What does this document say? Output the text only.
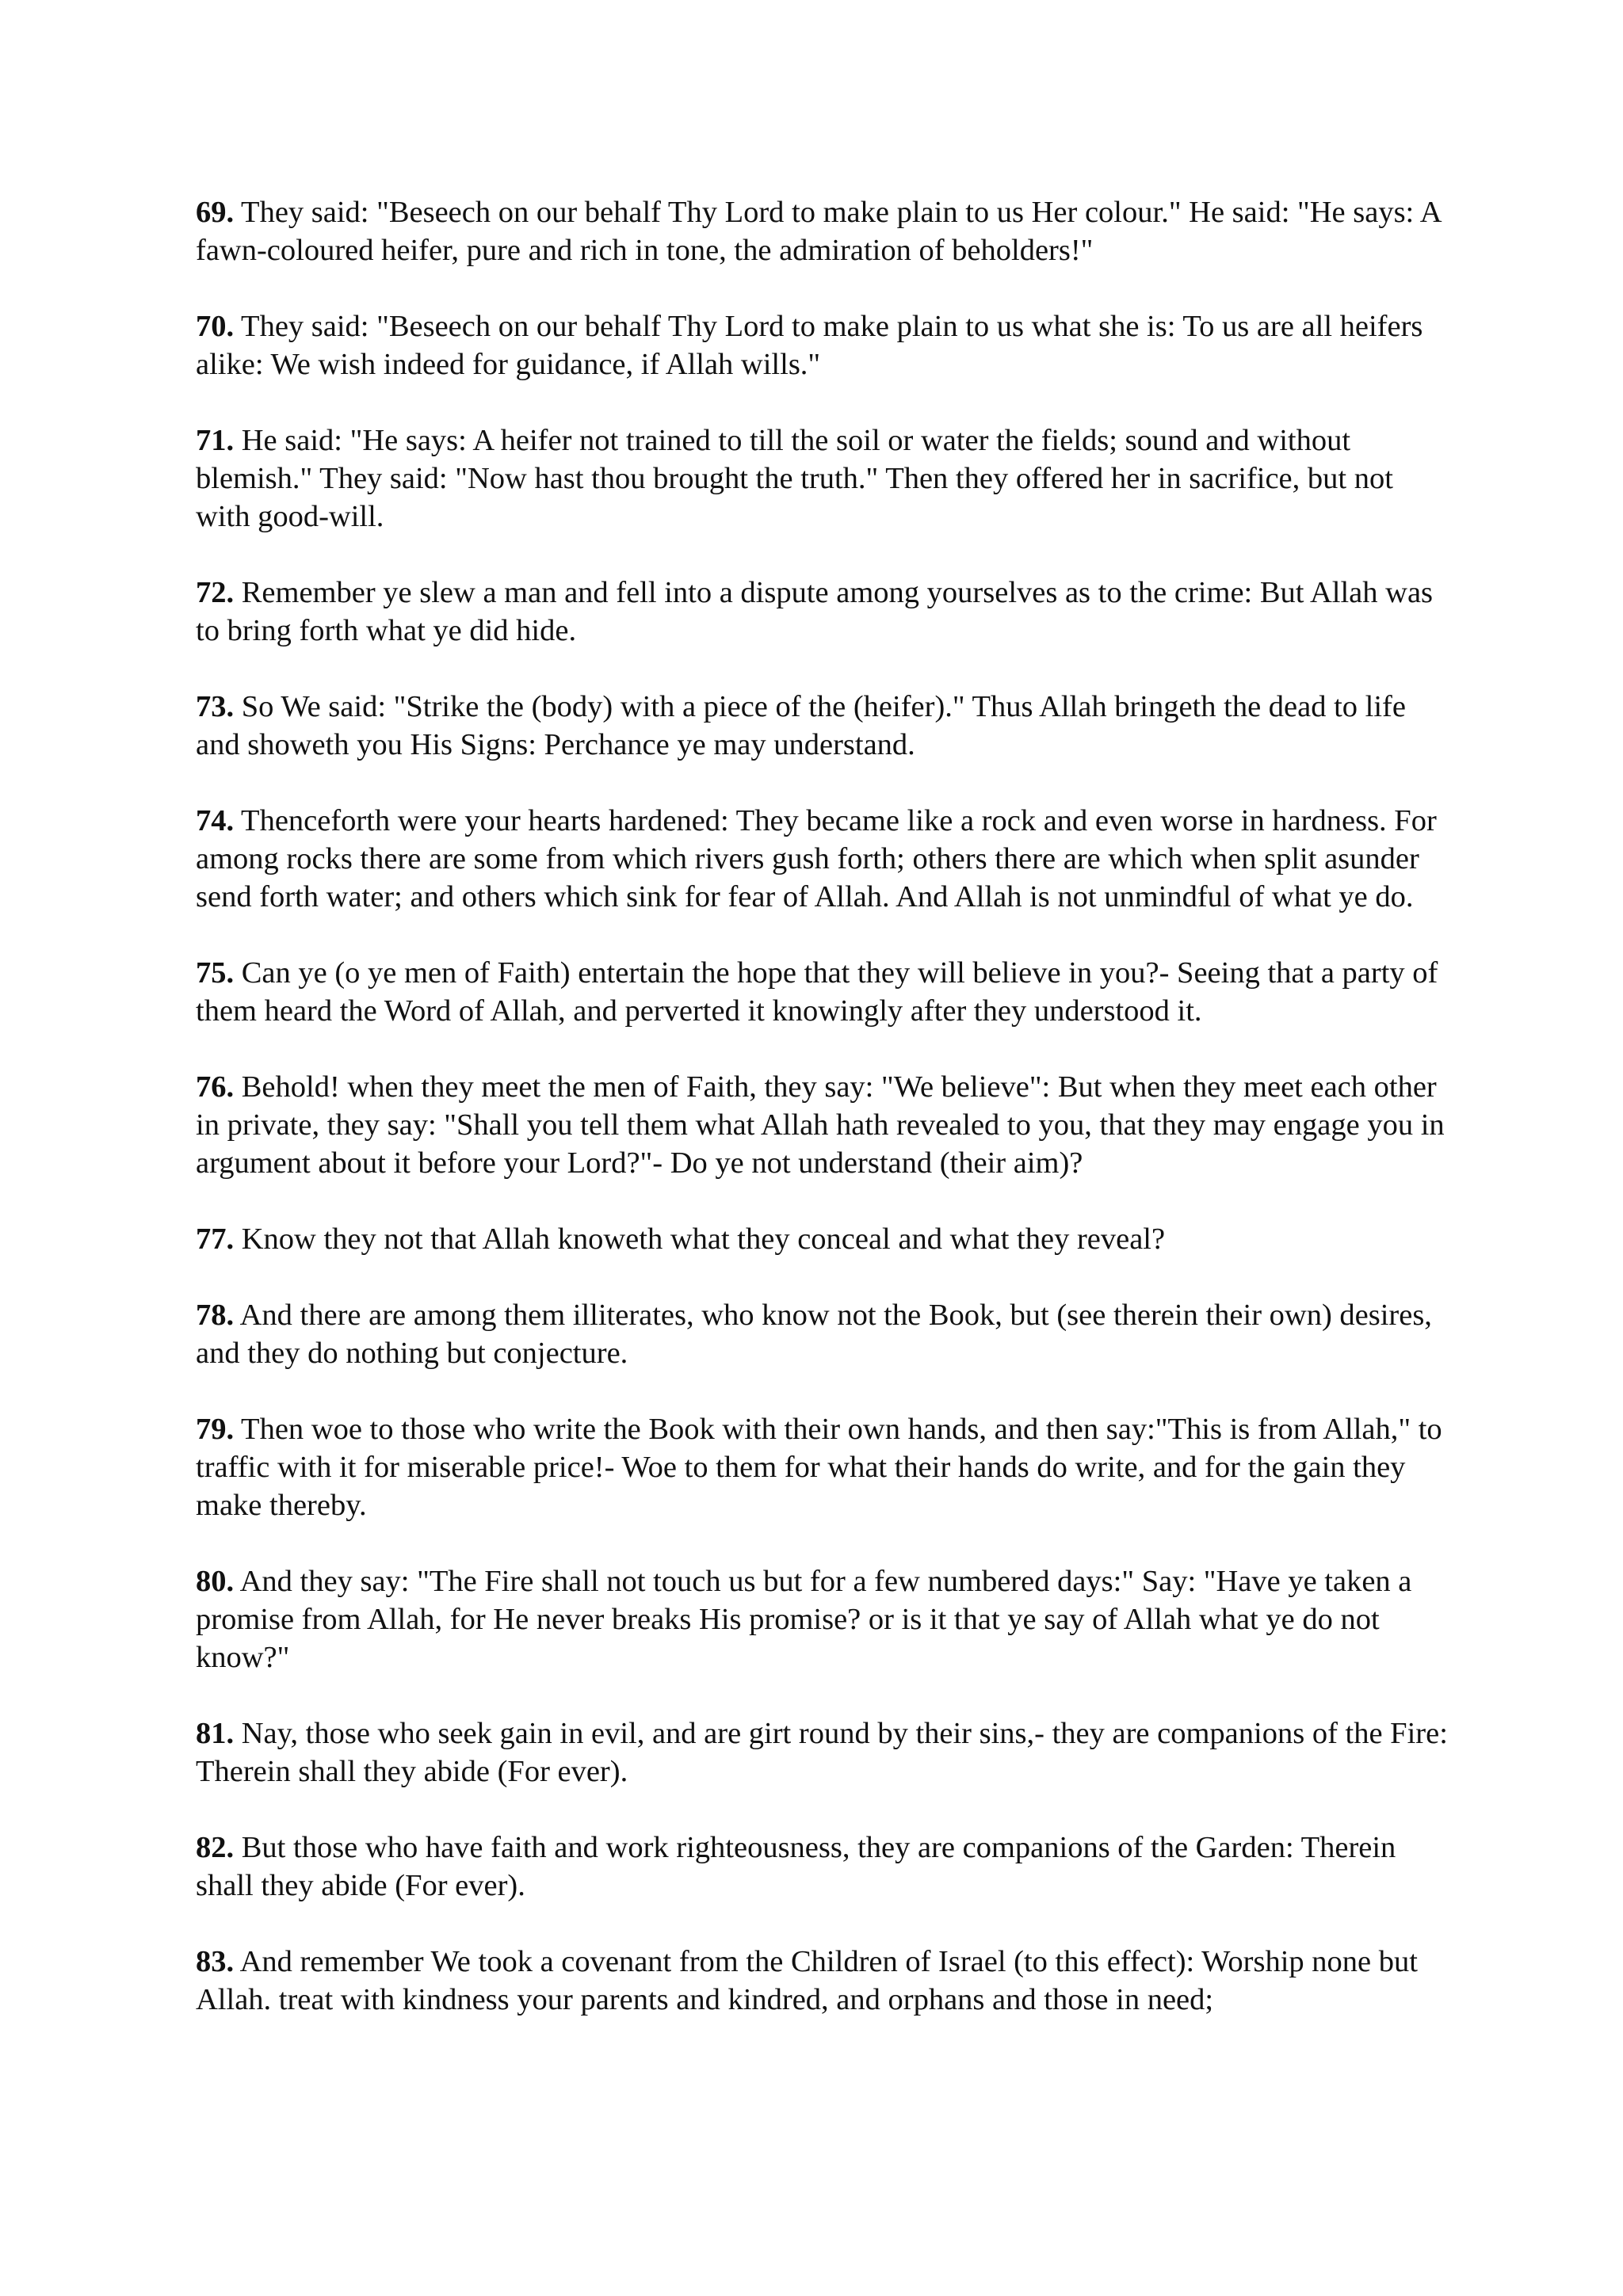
69. They said: "Beseech on our behalf Thy Lord to make plain to us Her colour." He said: "He says: A fawn-coloured heifer, pure and rich in tone, the admiration of beholders!"

70. They said: "Beseech on our behalf Thy Lord to make plain to us what she is: To us are all heifers alike: We wish indeed for guidance, if Allah wills."

71. He said: "He says: A heifer not trained to till the soil or water the fields; sound and without blemish." They said: "Now hast thou brought the truth." Then they offered her in sacrifice, but not with good-will.

72. Remember ye slew a man and fell into a dispute among yourselves as to the crime: But Allah was to bring forth what ye did hide.

73. So We said: "Strike the (body) with a piece of the (heifer)." Thus Allah bringeth the dead to life and showeth you His Signs: Perchance ye may understand.

74. Thenceforth were your hearts hardened: They became like a rock and even worse in hardness. For among rocks there are some from which rivers gush forth; others there are which when split asunder send forth water; and others which sink for fear of Allah. And Allah is not unmindful of what ye do.

75. Can ye (o ye men of Faith) entertain the hope that they will believe in you?- Seeing that a party of them heard the Word of Allah, and perverted it knowingly after they understood it.

76. Behold! when they meet the men of Faith, they say: "We believe": But when they meet each other in private, they say: "Shall you tell them what Allah hath revealed to you, that they may engage you in argument about it before your Lord?"- Do ye not understand (their aim)?

77. Know they not that Allah knoweth what they conceal and what they reveal?

78. And there are among them illiterates, who know not the Book, but (see therein their own) desires, and they do nothing but conjecture.

79. Then woe to those who write the Book with their own hands, and then say:"This is from Allah," to traffic with it for miserable price!- Woe to them for what their hands do write, and for the gain they make thereby.

80. And they say: "The Fire shall not touch us but for a few numbered days:" Say: "Have ye taken a promise from Allah, for He never breaks His promise? or is it that ye say of Allah what ye do not know?"

81. Nay, those who seek gain in evil, and are girt round by their sins,- they are companions of the Fire: Therein shall they abide (For ever).

82. But those who have faith and work righteousness, they are companions of the Garden: Therein shall they abide (For ever).

83. And remember We took a covenant from the Children of Israel (to this effect): Worship none but Allah. treat with kindness your parents and kindred, and orphans and those in need;
